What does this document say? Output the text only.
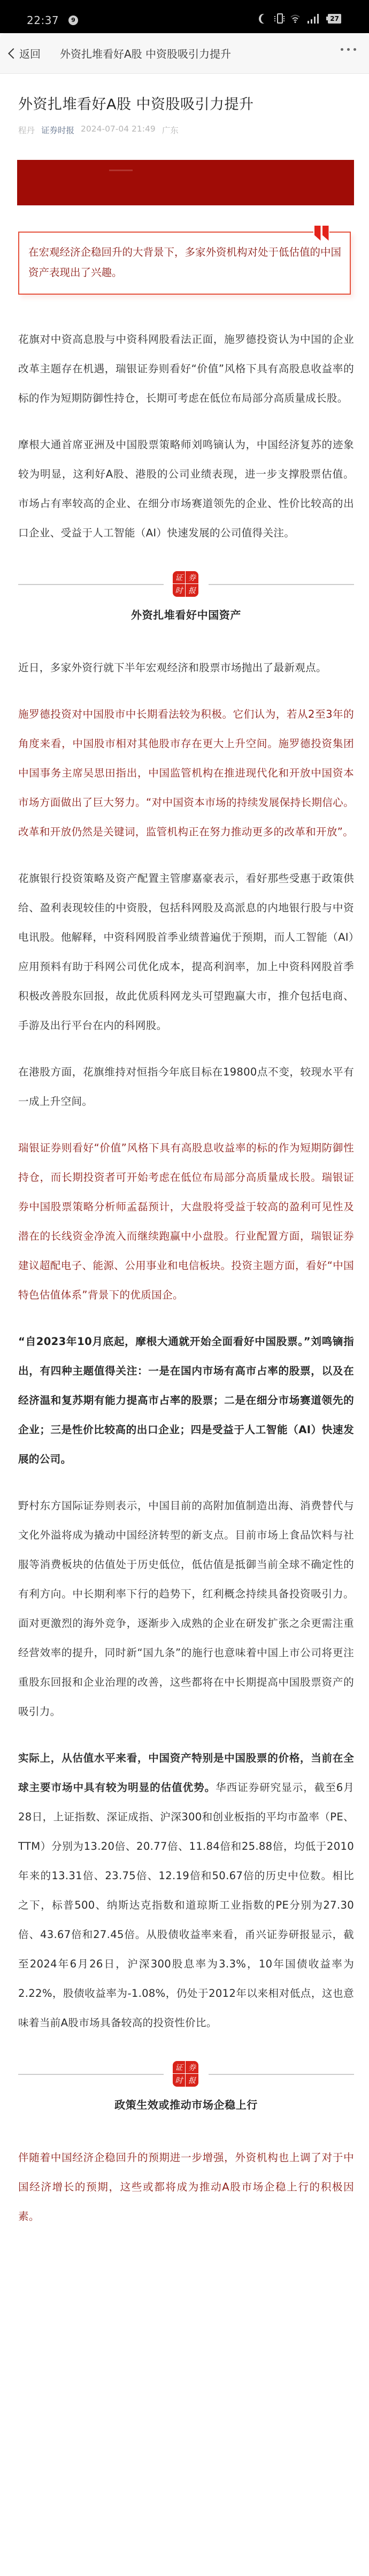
22:37	9	27
返回 外资扎堆看好A股 中资股吸引力提升
外资扎堆看好A股 中资股吸引力提升
程丹 证券时报 2024-07-04 21:49 广东

在宏观经济企稳回升的大背景下，多家外资机构对处于低估值的中国资产表现出了兴趣。

花旗对中资高息股与中资科网股看法正面，施罗德投资认为中国的企业改革主题存在机遇，瑞银证券则看好“价值”风格下具有高股息收益率的标的作为短期防御性持仓，长期可考虑在低位布局部分高质量成长股。

摩根大通首席亚洲及中国股票策略师刘鸣镝认为，中国经济复苏的迹象较为明显，这利好A股、港股的公司业绩表现，进一步支撑股票估值。市场占有率较高的企业、在细分市场赛道领先的企业、性价比较高的出口企业、受益于人工智能（AI）快速发展的公司值得关注。

证 券
时 报
外资扎堆看好中国资产

近日，多家外资行就下半年宏观经济和股票市场抛出了最新观点。

施罗德投资对中国股市中长期看法较为积极。它们认为，若从2至3年的角度来看，中国股市相对其他股市存在更大上升空间。施罗德投资集团中国事务主席吴思田指出，中国监管机构在推进现代化和开放中国资本市场方面做出了巨大努力。“对中国资本市场的持续发展保持长期信心。改革和开放仍然是关键词，监管机构正在努力推动更多的改革和开放”。

花旗银行投资策略及资产配置主管廖嘉豪表示，看好那些受惠于政策供给、盈利表现较佳的中资股，包括科网股及高派息的内地银行股与中资电讯股。他解释，中资科网股首季业绩普遍优于预期，而人工智能（AI）应用预料有助于科网公司优化成本，提高利润率，加上中资科网股首季积极改善股东回报，故此优质科网龙头可望跑赢大市，推介包括电商、手游及出行平台在内的科网股。

在港股方面，花旗维持对恒指今年底目标在19800点不变，较现水平有一成上升空间。

瑞银证券则看好“价值”风格下具有高股息收益率的标的作为短期防御性持仓，而长期投资者可开始考虑在低位布局部分高质量成长股。瑞银证券中国股票策略分析师孟磊预计，大盘股将受益于较高的盈利可见性及潜在的长线资金净流入而继续跑赢中小盘股。行业配置方面，瑞银证券建议超配电子、能源、公用事业和电信板块。投资主题方面，看好“中国特色估值体系”背景下的优质国企。

“自2023年10月底起，摩根大通就开始全面看好中国股票。”刘鸣镝指出，有四种主题值得关注：一是在国内市场有高市占率的股票，以及在经济温和复苏期有能力提高市占率的股票；二是在细分市场赛道领先的企业；三是性价比较高的出口企业；四是受益于人工智能（AI）快速发展的公司。

野村东方国际证券则表示，中国目前的高附加值制造出海、消费替代与文化外溢将成为撬动中国经济转型的新支点。目前市场上食品饮料与社服等消费板块的估值处于历史低位，低估值是抵御当前全球不确定性的有利方向。中长期利率下行的趋势下，红利概念持续具备投资吸引力。面对更激烈的海外竞争，逐渐步入成熟的企业在研发扩张之余更需注重经营效率的提升，同时新“国九条”的施行也意味着中国上市公司将更注重股东回报和企业治理的改善，这些都将在中长期提高中国股票资产的吸引力。

实际上，从估值水平来看，中国资产特别是中国股票的价格，当前在全球主要市场中具有较为明显的估值优势。华西证券研究显示，截至6月28日，上证指数、深证成指、沪深300和创业板指的平均市盈率（PE、TTM）分别为13.20倍、20.77倍、11.84倍和25.88倍，均低于2010年来的13.31倍、23.75倍、12.19倍和50.67倍的历史中位数。相比之下，标普500、纳斯达克指数和道琼斯工业指数的PE分别为27.30倍、43.67倍和27.45倍。从股债收益率来看，甬兴证券研报显示，截至2024年6月26日，沪深300股息率为3.3%，10年国债收益率为2.22%，股债收益率为-1.08%，仍处于2012年以来相对低点，这也意味着当前A股市场具备较高的投资性价比。

证 券
时 报
政策生效或推动市场企稳上行

伴随着中国经济企稳回升的预期进一步增强，外资机构也上调了对于中国经济增长的预期，这些或都将成为推动A股市场企稳上行的积极因素。
